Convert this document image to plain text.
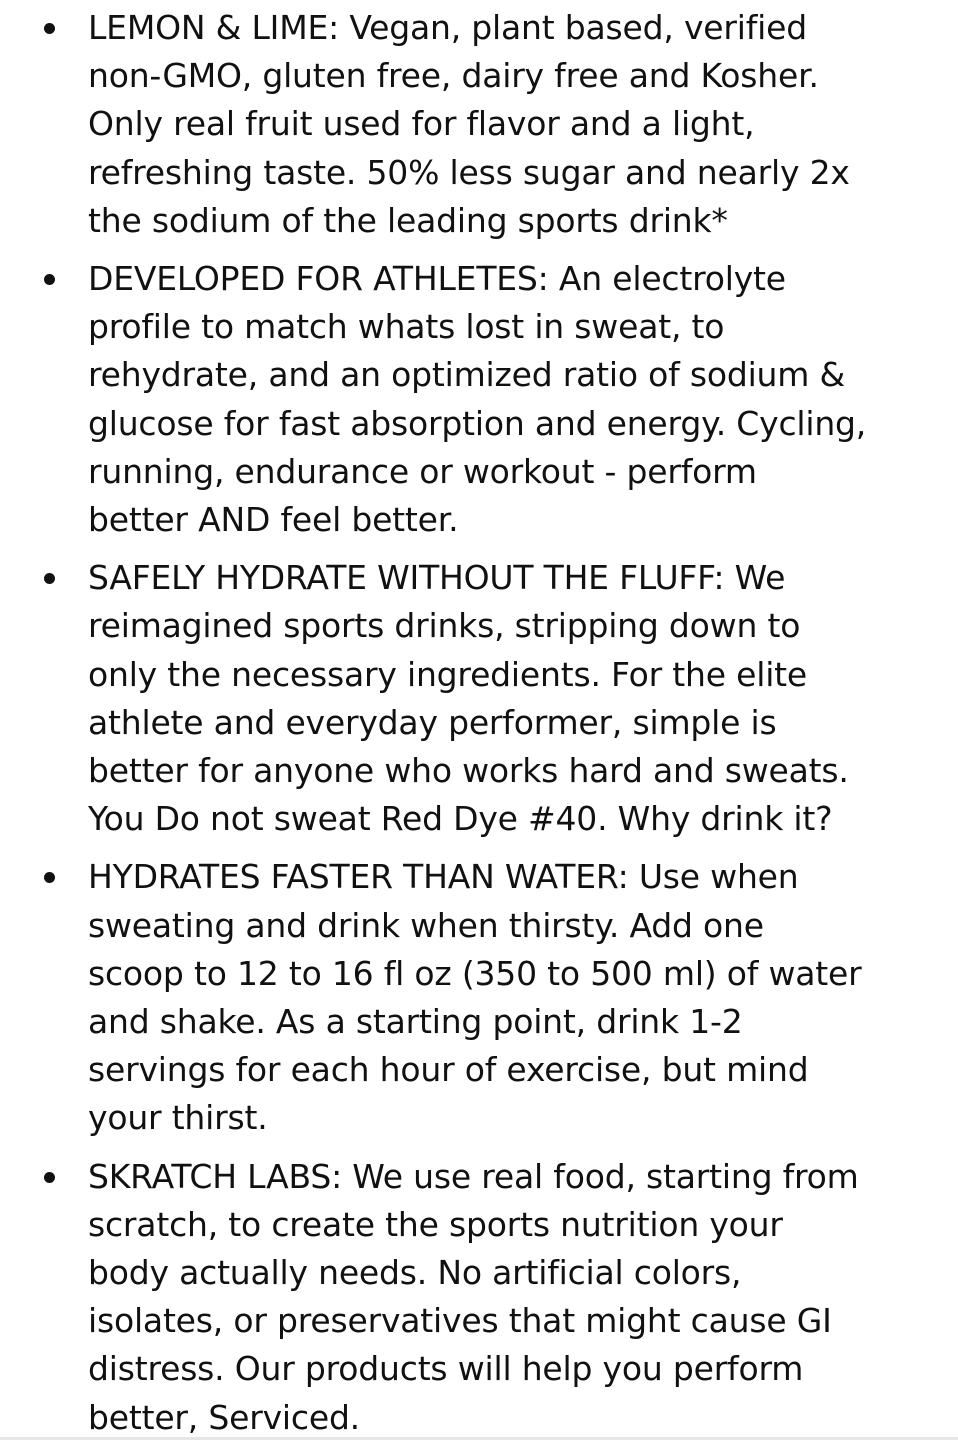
LEMON & LIME: Vegan, plant based, verified
non-GMO, gluten free, dairy free and Kosher.
Only real fruit used for flavor and a light,
refreshing taste. 50% less sugar and nearly 2x
the sodium of the leading sports drink*
DEVELOPED FOR ATHLETES: An electrolyte
profile to match whats lost in sweat, to
rehydrate, and an optimized ratio of sodium &
glucose for fast absorption and energy. Cycling,
running, endurance or workout - perform
better AND feel better.
SAFELY HYDRATE WITHOUT THE FLUFF: We
reimagined sports drinks, stripping down to
only the necessary ingredients. For the elite
athlete and everyday performer, simple is
better for anyone who works hard and sweats.
You Do not sweat Red Dye #40. Why drink it?
HYDRATES FASTER THAN WATER: Use when
sweating and drink when thirsty. Add one
scoop to 12 to 16 fl oz (350 to 500 ml) of water
and shake. As a starting point, drink 1-2
servings for each hour of exercise, but mind
your thirst.
SKRATCH LABS: We use real food, starting from
scratch, to create the sports nutrition your
body actually needs. No artificial colors,
isolates, or preservatives that might cause GI
distress. Our products will help you perform
better, Serviced.
